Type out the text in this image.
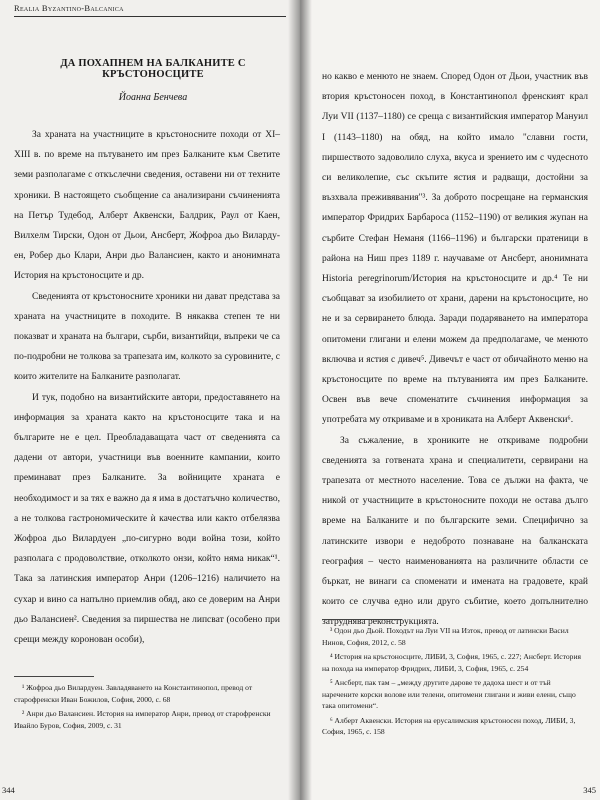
Realia Byzantino-Balcanica
ДА ПОХАПНЕМ НА БАЛКАНИТЕ С КРЪСТОНОСЦИТЕ
Йоанна Бенчева

За храната на участниците в кръстоносните походи от XI–XIII в. по време на пътуването им през Балканите към Светите земи разполагаме с откъслечни сведения, оставени ни от техните хроники. В настоящето съобщение са анализирани съчиненията на Петър Тудебод, Алберт Аквенски, Балдрик, Раул от Каен, Вилхелм Тирски, Одон от Дьои, Ансберт, Жофроа дьо Вилардуен, Робер дьо Клари, Анри дьо Валансиен, както и анонимната История на кръстоносците и др.

Сведенията от кръстоносните хроники ни дават представа за храната на участниците в походите. В някаква степен те ни показват и храната на българи, сърби, византийци, въпреки че са по-подробни не толкова за трапезата им, колкото за суровините, с които жителите на Балканите разполагат.

И тук, подобно на византийските автори, предоставянето на информация за храната както на кръстоносците така и на българите не е цел. Преобладаващата част от сведенията са дадени от автори, участници във военните кампании, които преминават през Балканите. За войниците храната е необходимост и за тях е важно да я има в достатъчно количество, а не толкова гастрономическите ѝ качества или както отбелязва Жофроа дьо Вилардуен „по-сигурно води война този, който разполага с продоволствие, отколкото онзи, който няма никак“¹. Така за латинския император Анри (1206–1216) наличието на сухар и вино са напълно приемлив обяд, ако се доверим на Анри дьо Валансиен². Сведения за пиршества не липсват (особено при срещи между коронован особи),

¹ Жофроа дьо Вилардуен. Завладяването на Константинопол, превод от старофренски Иван Божилов, София, 2000, с. 68

² Анри дьо Валансиен. История на император Анри, превод от старофренски Ивайло Буров, София, 2009, с. 31

344

но какво е менюто не знаем. Според Одон от Дьои, участник във втория кръстоносен поход, в Константинопол френският крал Луи VII (1137–1180) се среща с византийския император Мануил I (1143–1180) на обяд, на който имало "славни гости, пиршеството задоволило слуха, вкуса и зрението им с чудесното си великолепие, със скъпите ястия и радващи, достойни за възхвала преживявания"³. За доброто посрещане на германския император Фридрих Барбароса (1152–1190) от великия жупан на сърбите Стефан Неманя (1166–1196) и български пратеници в района на Ниш през 1189 г. научаваме от Ансберт, анонимната Historia peregrinorum/История на кръстоносците и др.⁴ Те ни съобщават за изобилието от храни, дарени на кръстоносците, но не и за сервирането блюда. Заради подаряването на императора опитомени глигани и елени можем да предполагаме, че менюто включва и ястия с дивеч⁵. Дивечът е част от обичайното меню на кръстоносците по време на пътуванията им през Балканите. Освен във вече споменатите съчинения информация за употребата му откриваме и в хрониката на Алберт Аквенски⁶.

За съжаление, в хрониките не откриваме подробни сведенията за готвената храна и специалитети, сервирани на трапезата от местното население. Това се дължи на факта, че никой от участниците в кръстоносните походи не остава дълго време на Балканите и по българските земи. Специфично за латинските извори е недоброто познаване на балканската география – често наименованията на различните области се бъркат, не винаги са споменати и имената на градовете, край които се случва едно или друго събитие, което допълнително затруднява реконструкцията.

³ Одон дьо Дьой. Походът на Луи VII на Изток, превод от латински Васил Нинов, София, 2012, с. 58

⁴ История на кръстоносците, ЛИБИ, 3, София, 1965, с. 227; Ансберт. История на похода на император Фридрих, ЛИБИ, 3, София, 1965, с. 254

⁵ Ансберт, пак там – „между другите дарове те дадоха шест и от тъй наречените корски волове или телени, опитомени глигани и живи елени, също така опитомени“.

⁶ Алберт Аквенски. История на ерусалимския кръстоносен поход, ЛИБИ, 3, София, 1965, с. 158

345
